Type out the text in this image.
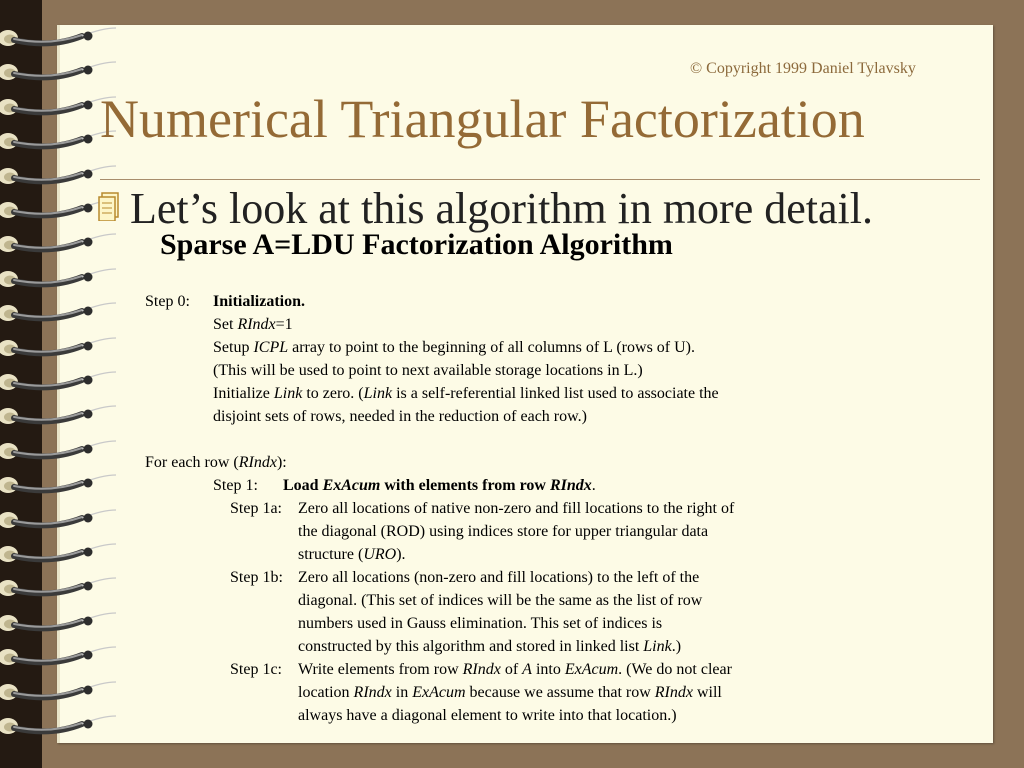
© Copyright 1999 Daniel Tylavsky
Numerical Triangular Factorization
Let’s look at this algorithm in more detail.
Sparse A=LDU Factorization Algorithm
Step 0: Initialization.
Set RIndx=1
Setup ICPL array to point to the beginning of all columns of L (rows of U).
(This will be used to point to next available storage locations in L.)
Initialize Link to zero. (Link is a self-referential linked list used to associate the
disjoint sets of rows, needed in the reduction of each row.)
For each row (RIndx):
Step 1: Load ExAcum with elements from row RIndx.
Step 1a: Zero all locations of native non-zero and fill locations to the right of
the diagonal (ROD) using indices store for upper triangular data
structure (URO).
Step 1b: Zero all locations (non-zero and fill locations) to the left of the
diagonal. (This set of indices will be the same as the list of row
numbers used in Gauss elimination. This set of indices is
constructed by this algorithm and stored in linked list Link.)
Step 1c: Write elements from row RIndx of A into ExAcum. (We do not clear
location RIndx in ExAcum because we assume that row RIndx will
always have a diagonal element to write into that location.)
